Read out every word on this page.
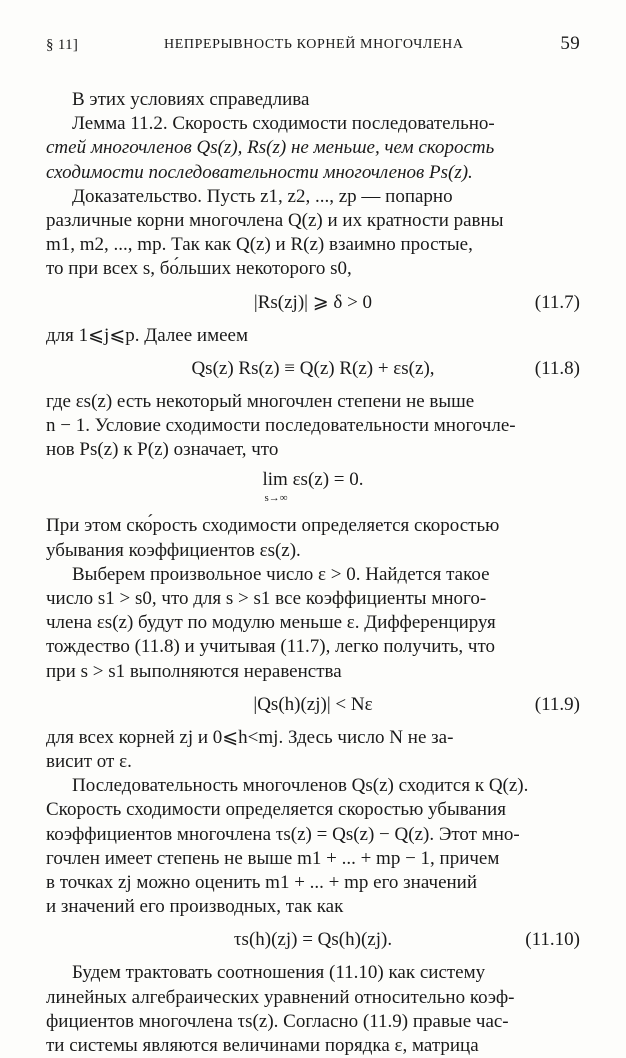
§ 11]	НЕПРЕРЫВНОСТЬ КОРНЕЙ МНОГОЧЛЕНА	59

В этих условиях справедлива

Лемма 11.2. Скорость сходимости последовательно-

стей многочленов Qs(z), Rs(z) не меньше, чем скорость

сходимости последовательности многочленов Ps(z).

Доказательство. Пусть z1, z2, ..., zp — попарно

различные корни многочлена Q(z) и их кратности равны

m1, m2, ..., mp. Так как Q(z) и R(z) взаимно простые,

то при всех s, бо́льших некоторого s0,

|Rs(zj)| ⩾ δ > 0	(11.7)

для 1⩽j⩽p. Далее имеем

Qs(z) Rs(z) ≡ Q(z) R(z) + εs(z),	(11.8)

где εs(z) есть некоторый многочлен степени не выше

n − 1. Условие сходимости последовательности многочле-

нов Ps(z) к P(z) означает, что

lim εs(z) = 0.
s→∞

При этом ско́рость сходимости определяется скоростью

убывания коэффициентов εs(z).

Выберем произвольное число ε > 0. Найдется такое

число s1 > s0, что для s > s1 все коэффициенты много-

члена εs(z) будут по модулю меньше ε. Дифференцируя

тождество (11.8) и учитывая (11.7), легко получить, что

при s > s1 выполняются неравенства

|Qs(h)(zj)| < Nε	(11.9)

для всех корней zj и 0⩽h<mj. Здесь число N не за-

висит от ε.

Последовательность многочленов Qs(z) сходится к Q(z).

Скорость сходимости определяется скоростью убывания

коэффициентов многочлена τs(z) = Qs(z) − Q(z). Этот мно-

гочлен имеет степень не выше m1 + ... + mp − 1, причем

в точках zj можно оценить m1 + ... + mp его значений

и значений его производных, так как

τs(h)(zj) = Qs(h)(zj).	(11.10)

Будем трактовать соотношения (11.10) как систему

линейных алгебраических уравнений относительно коэф-

фициентов многочлена τs(z). Согласно (11.9) правые час-

ти системы являются величинами порядка ε, матрица
